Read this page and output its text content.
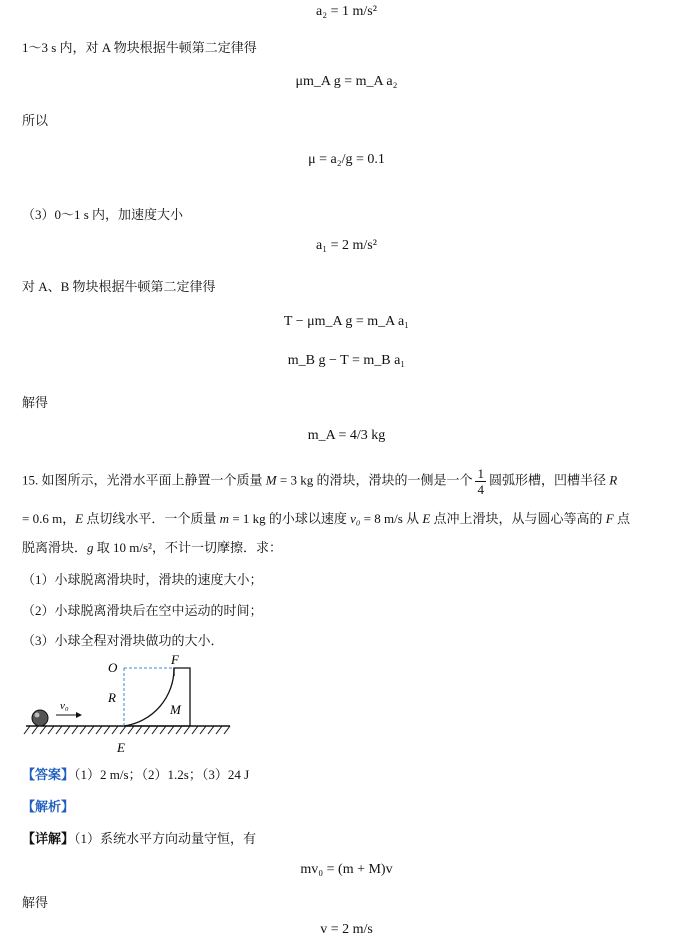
a₂ = 1 m/s²
1～3 s 内，对 A 物块根据牛顿第二定律得
μm_A g = m_A a₂
所以
μ = a₂/g = 0.1
（3）0～1 s 内，加速度大小
a₁ = 2 m/s²
对 A、B 物块根据牛顿第二定律得
T − μm_A g = m_A a₁
m_B g − T = m_B a₁
解得
m_A = 4/3 kg
15. 如图所示，光滑水平面上静置一个质量 M = 3 kg 的滑块，滑块的一侧是一个 $\frac{1}{4}$ 圆弧形槽，凹槽半径 R
= 0.6 m，E 点切线水平．一个质量 m = 1 kg 的小球以速度 v₀ = 8 m/s 从 E 点冲上滑块，从与圆心等高的 F 点
脱离滑块．g 取 10 m/s²，不计一切摩擦．求：
（1）小球脱离滑块时，滑块的速度大小；
（2）小球脱离滑块后在空中运动的时间；
（3）小球全程对滑块做功的大小．
v₀
O
F
R
M
E
【答案】（1）2 m/s；（2）1.2s；（3）24 J
【解析】
【详解】（1）系统水平方向动量守恒，有
mv₀ = (m + M)v
解得
v = 2 m/s
